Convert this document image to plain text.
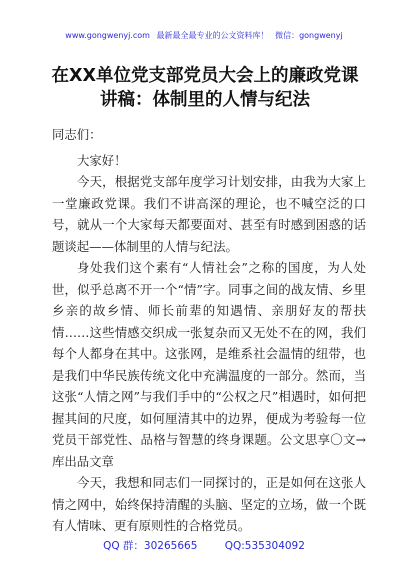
www.gongwenyj.com 最新最全最专业的公文资料库！ 微信：gongwenyj
在XX单位党支部党员大会上的廉政党课
讲稿：体制里的人情与纪法

同志们：

大家好！

今天，根据党支部年度学习计划安排，由我为大家上一堂廉政党课。我们不讲高深的理论，也不喊空泛的口号，就从一个大家每天都要面对、甚至有时感到困惑的话题谈起——体制里的人情与纪法。

身处我们这个素有“人情社会”之称的国度，为人处世，似乎总离不开一个“情”字。同事之间的战友情、乡里乡亲的故乡情、师长前辈的知遇情、亲朋好友的帮扶情……这些情感交织成一张复杂而又无处不在的网，我们每个人都身在其中。这张网，是维系社会温情的纽带，也是我们中华民族传统文化中充满温度的一部分。然而，当这张“人情之网”与我们手中的“公权之尺”相遇时，如何把握其间的尺度，如何厘清其中的边界，便成为考验每一位党员干部党性、品格与智慧的终身课题。公文思享〇文→库出品文章

今天，我想和同志们一同探讨的，正是如何在这张人情之网中，始终保持清醒的头脑、坚定的立场，做一个既有人情味、更有原则性的合格党员。

QQ 群：30265665	QQ:535304092
